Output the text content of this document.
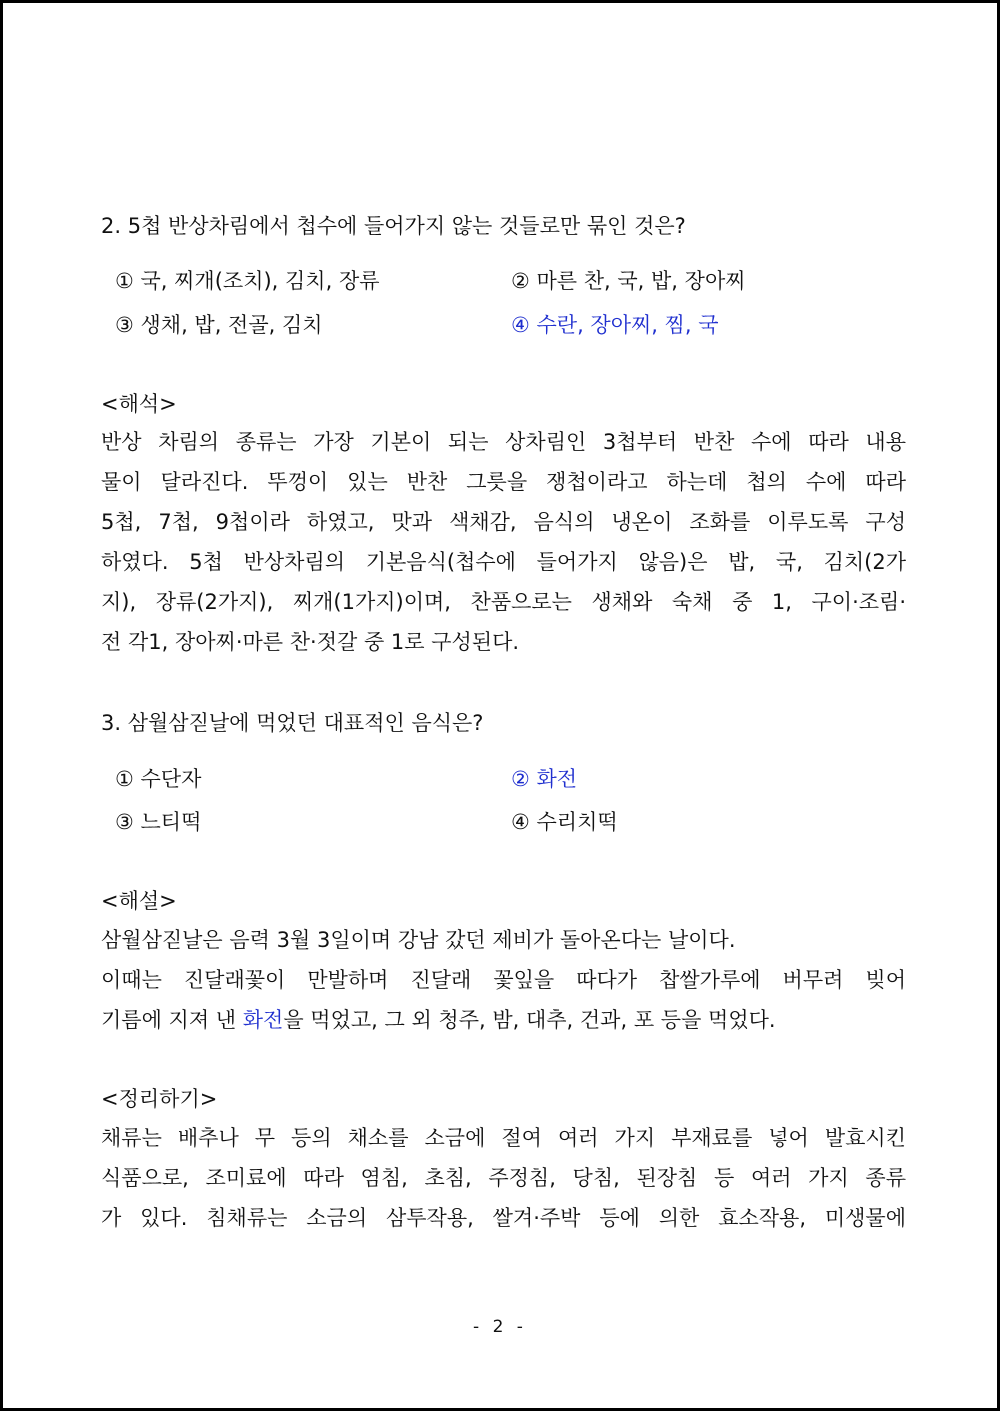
2. 5첩 반상차림에서 첩수에 들어가지 않는 것들로만 묶인 것은?
① 국, 찌개(조치), 김치, 장류	② 마른 찬, 국, 밥, 장아찌
③ 생채, 밥, 전골, 김치	④ 수란, 장아찌, 찜, 국
<해석>
반상 차림의 종류는 가장 기본이 되는 상차림인 3첩부터 반찬 수에 따라 내용
물이 달라진다. 뚜껑이 있는 반찬 그릇을 쟁첩이라고 하는데 첩의 수에 따라
5첩, 7첩, 9첩이라 하였고, 맛과 색채감, 음식의 냉온이 조화를 이루도록 구성
하였다. 5첩 반상차림의 기본음식(첩수에 들어가지 않음)은 밥, 국, 김치(2가
지), 장류(2가지), 찌개(1가지)이며, 찬품으로는 생채와 숙채 중 1, 구이·조림·
전 각1, 장아찌·마른 찬·젓갈 중 1로 구성된다.
3. 삼월삼짇날에 먹었던 대표적인 음식은?
① 수단자	② 화전
③ 느티떡	④ 수리치떡
<해설>
삼월삼짇날은 음력 3월 3일이며 강남 갔던 제비가 돌아온다는 날이다.
이때는 진달래꽃이 만발하며 진달래 꽃잎을 따다가 찹쌀가루에 버무려 빚어
기름에 지져 낸 화전을 먹었고, 그 외 청주, 밤, 대추, 건과, 포 등을 먹었다.
<정리하기>
채류는 배추나 무 등의 채소를 소금에 절여 여러 가지 부재료를 넣어 발효시킨
식품으로, 조미료에 따라 염침, 초침, 주정침, 당침, 된장침 등 여러 가지 종류
가 있다. 침채류는 소금의 삼투작용, 쌀겨·주박 등에 의한 효소작용, 미생물에
- 2 -
